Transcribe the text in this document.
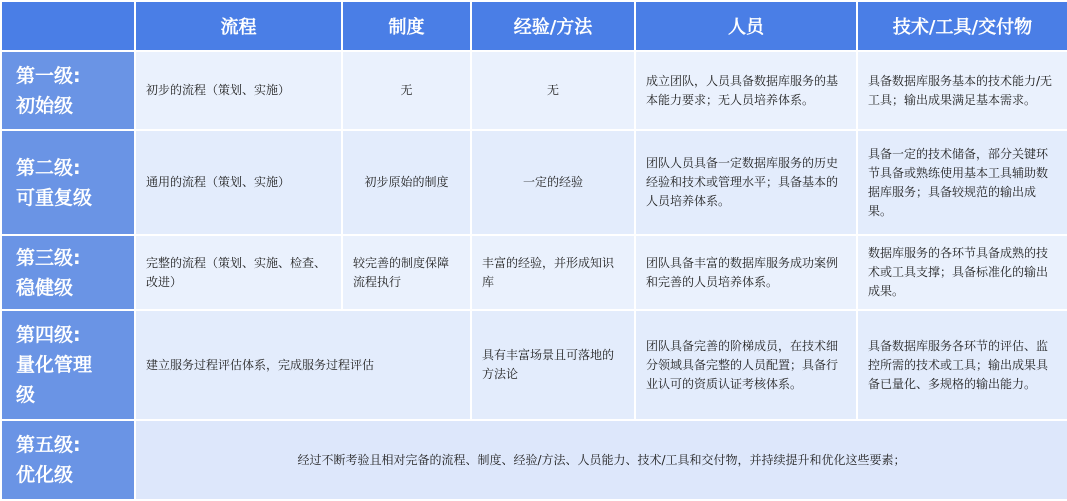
	流程	制度	经验/方法	人员	技术/工具/交付物

第一级:
初始级	初步的流程（策划、实施）	无	无	成立团队，人员具备数据库服务的基本能力要求；无人员培养体系。	具备数据库服务基本的技术能力/无工具；输出成果满足基本需求。

第二级:
可重复级	通用的流程（策划、实施）	初步原始的制度	一定的经验	团队人员具备一定数据库服务的历史经验和技术或管理水平；具备基本的人员培养体系。	具备一定的技术储备，部分关键环节具备或熟练使用基本工具辅助数据库服务；具备较规范的输出成果。

第三级:
稳健级	完整的流程（策划、实施、检查、改进）	较完善的制度保障流程执行	丰富的经验，并形成知识库	团队具备丰富的数据库服务成功案例和完善的人员培养体系。	数据库服务的各环节具备成熟的技术或工具支撑；具备标准化的输出成果。

第四级:
量化管理
级	建立服务过程评估体系，完成服务过程评估		具有丰富场景且可落地的方法论	团队具备完善的阶梯成员，在技术细分领域具备完整的人员配置；具备行业认可的资质认证考核体系。	具备数据库服务各环节的评估、监控所需的技术或工具；输出成果具备已量化、多规格的输出能力。

第五级:
优化级	经过不断考验且相对完备的流程、制度、经验/方法、人员能力、技术/工具和交付物，并持续提升和优化这些要素；				
